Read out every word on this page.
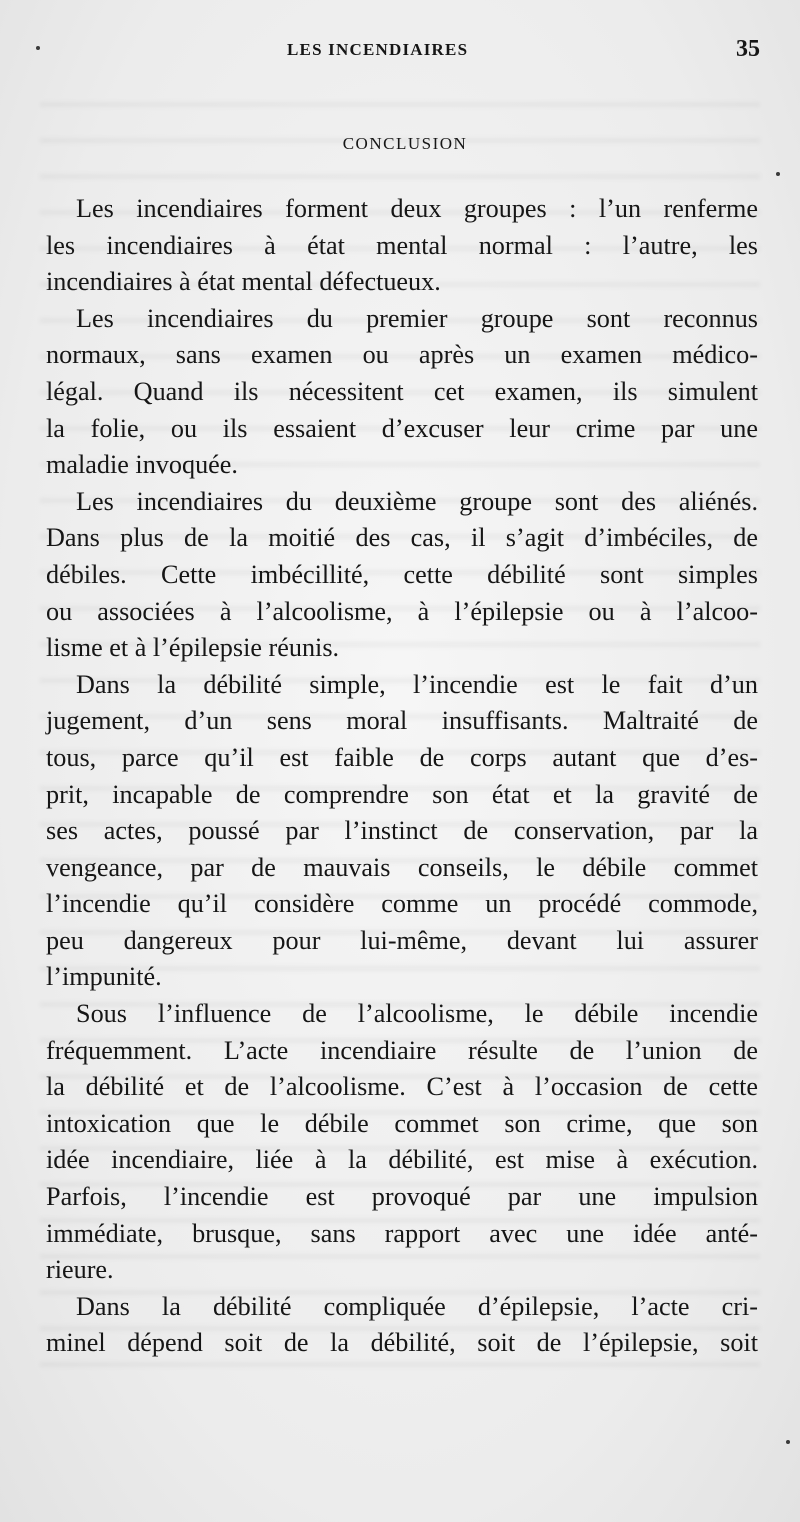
LES INCENDIAIRES	35
CONCLUSION

Les incendiaires forment deux groupes : l’un renferme
les incendiaires à état mental normal : l’autre, les
incendiaires à état mental défectueux.

Les incendiaires du premier groupe sont reconnus
normaux, sans examen ou après un examen médico-
légal. Quand ils nécessitent cet examen, ils simulent
la folie, ou ils essaient d’excuser leur crime par une
maladie invoquée.

Les incendiaires du deuxième groupe sont des aliénés.
Dans plus de la moitié des cas, il s’agit d’imbéciles, de
débiles. Cette imbécillité, cette débilité sont simples
ou associées à l’alcoolisme, à l’épilepsie ou à l’alcoo-
lisme et à l’épilepsie réunis.

Dans la débilité simple, l’incendie est le fait d’un
jugement, d’un sens moral insuffisants. Maltraité de
tous, parce qu’il est faible de corps autant que d’es-
prit, incapable de comprendre son état et la gravité de
ses actes, poussé par l’instinct de conservation, par la
vengeance, par de mauvais conseils, le débile commet
l’incendie qu’il considère comme un procédé commode,
peu dangereux pour lui-même, devant lui assurer
l’impunité.

Sous l’influence de l’alcoolisme, le débile incendie
fréquemment. L’acte incendiaire résulte de l’union de
la débilité et de l’alcoolisme. C’est à l’occasion de cette
intoxication que le débile commet son crime, que son
idée incendiaire, liée à la débilité, est mise à exécution.
Parfois, l’incendie est provoqué par une impulsion
immédiate, brusque, sans rapport avec une idée anté-
rieure.

Dans la débilité compliquée d’épilepsie, l’acte cri-
minel dépend soit de la débilité, soit de l’épilepsie, soit
